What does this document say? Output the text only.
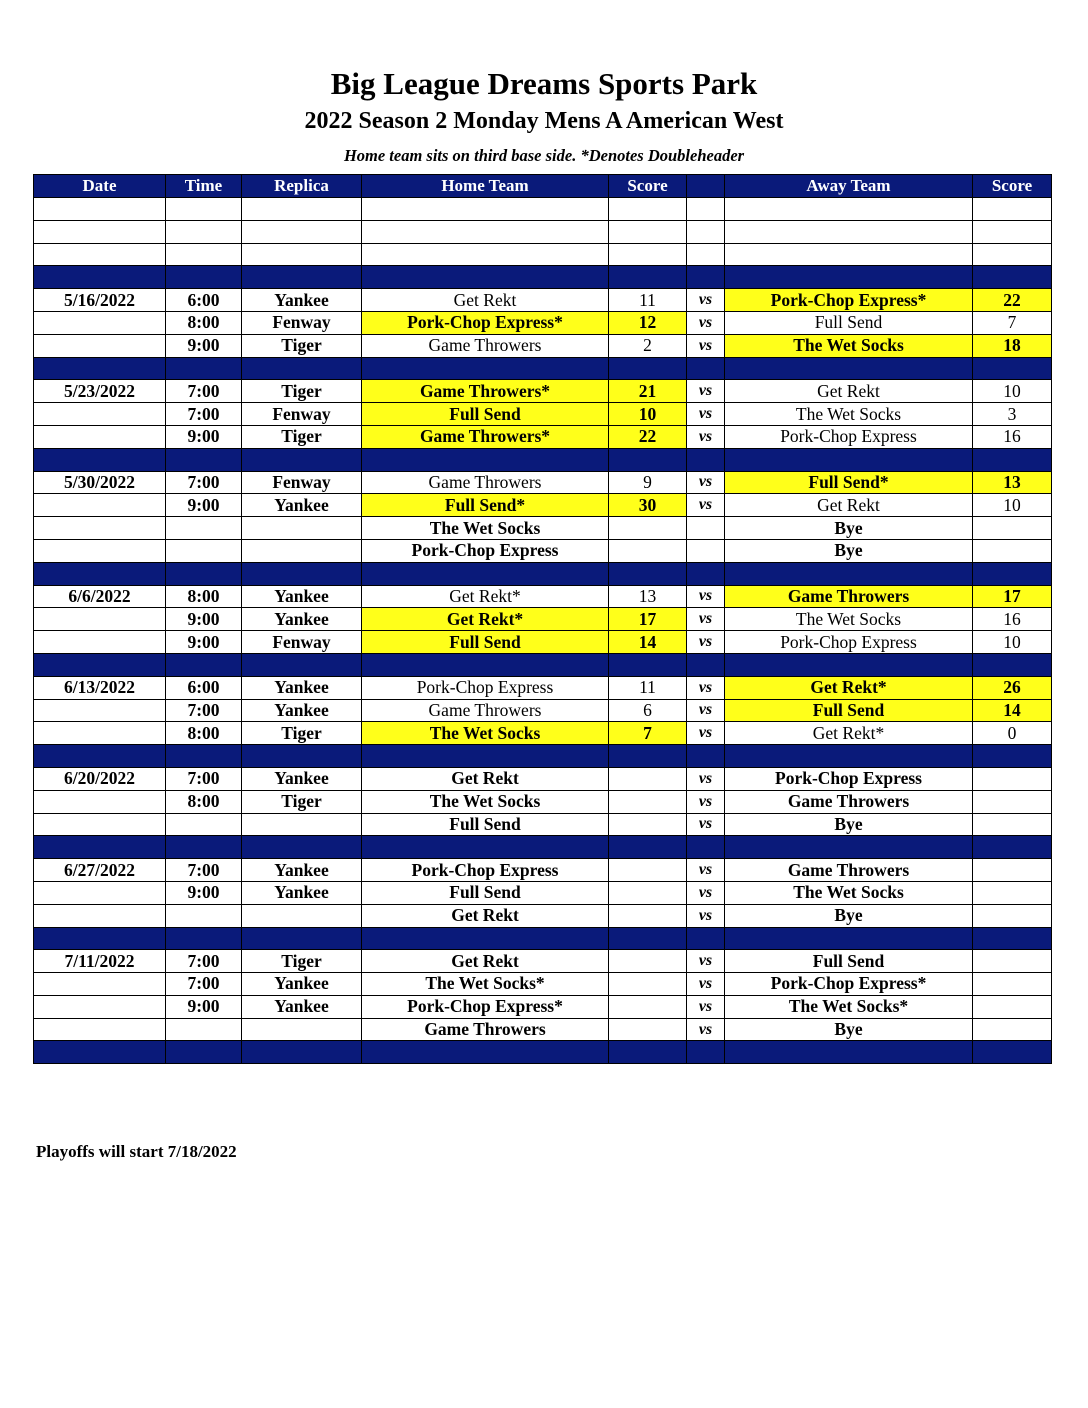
Big League Dreams Sports Park
2022 Season 2 Monday Mens A American West
Home team sits on third base side. *Denotes Doubleheader
Date	Time	Replica	Home Team	Score		Away Team	Score

5/16/2022	6:00	Yankee	Get Rekt	11	vs	Pork-Chop Express*	22
	8:00	Fenway	Pork-Chop Express*	12	vs	Full Send	7
	9:00	Tiger	Game Throwers	2	vs	The Wet Socks	18

5/23/2022	7:00	Tiger	Game Throwers*	21	vs	Get Rekt	10
	7:00	Fenway	Full Send	10	vs	The Wet Socks	3
	9:00	Tiger	Game Throwers*	22	vs	Pork-Chop Express	16

5/30/2022	7:00	Fenway	Game Throwers	9	vs	Full Send*	13
	9:00	Yankee	Full Send*	30	vs	Get Rekt	10
			The Wet Socks			Bye	
			Pork-Chop Express			Bye	

6/6/2022	8:00	Yankee	Get Rekt*	13	vs	Game Throwers	17
	9:00	Yankee	Get Rekt*	17	vs	The Wet Socks	16
	9:00	Fenway	Full Send	14	vs	Pork-Chop Express	10

6/13/2022	6:00	Yankee	Pork-Chop Express	11	vs	Get Rekt*	26
	7:00	Yankee	Game Throwers	6	vs	Full Send	14
	8:00	Tiger	The Wet Socks	7	vs	Get Rekt*	0

6/20/2022	7:00	Yankee	Get Rekt		vs	Pork-Chop Express	
	8:00	Tiger	The Wet Socks		vs	Game Throwers	
			Full Send		vs	Bye	

6/27/2022	7:00	Yankee	Pork-Chop Express		vs	Game Throwers	
	9:00	Yankee	Full Send		vs	The Wet Socks	
			Get Rekt		vs	Bye	

7/11/2022	7:00	Tiger	Get Rekt		vs	Full Send	
	7:00	Yankee	The Wet Socks*		vs	Pork-Chop Express*	
	9:00	Yankee	Pork-Chop Express*		vs	The Wet Socks*	
			Game Throwers		vs	Bye	

Playoffs will start 7/18/2022
